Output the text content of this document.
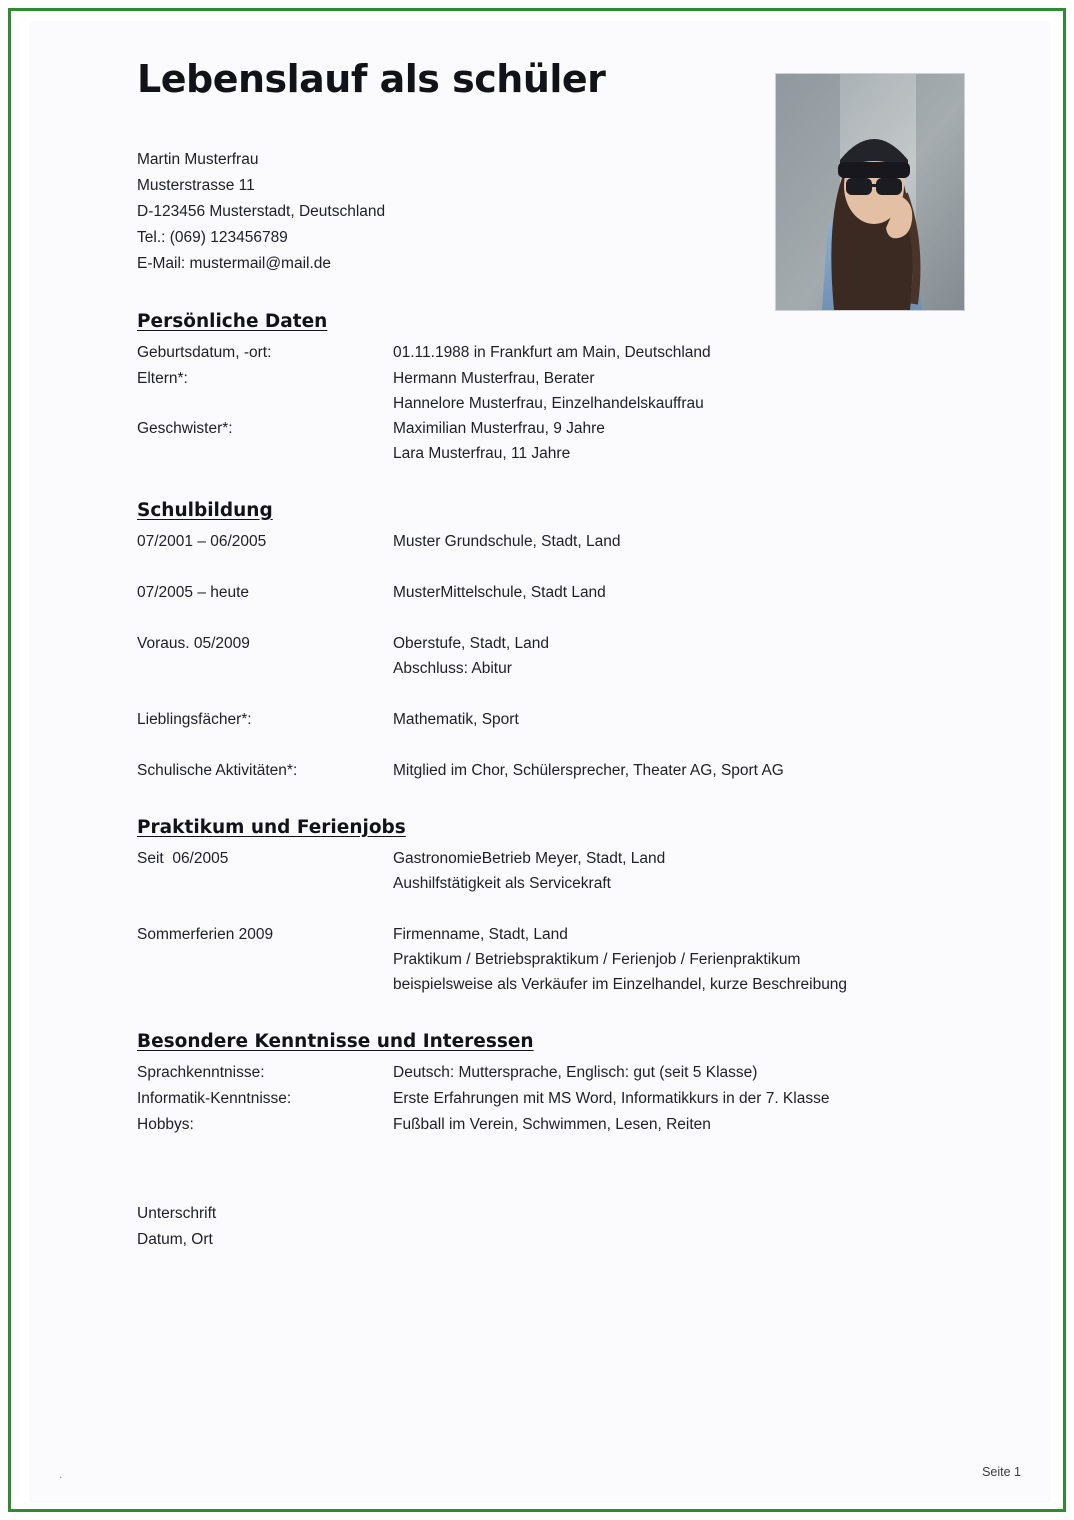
Lebenslauf als schüler
Martin Musterfrau
Musterstrasse 11
D-123456 Musterstadt, Deutschland
Tel.: (069) 123456789
E-Mail: mustermail@mail.de
Persönliche Daten
Geburtsdatum, -ort:	01.11.1988 in Frankfurt am Main, Deutschland
Eltern*:	Hermann Musterfrau, Berater
Hannelore Musterfrau, Einzelhandelskauffrau
Geschwister*:	Maximilian Musterfrau, 9 Jahre
Lara Musterfrau, 11 Jahre
Schulbildung
07/2001 – 06/2005	Muster Grundschule, Stadt, Land
07/2005 – heute	MusterMittelschule, Stadt Land
Voraus. 05/2009	Oberstufe, Stadt, Land
Abschluss: Abitur
Lieblingsfächer*:	Mathematik, Sport
Schulische Aktivitäten*:	Mitglied im Chor, Schülersprecher, Theater AG, Sport AG
Praktikum und Ferienjobs
Seit  06/2005	GastronomieBetrieb Meyer, Stadt, Land
Aushilfstätigkeit als Servicekraft
Sommerferien 2009	Firmenname, Stadt, Land
Praktikum / Betriebspraktikum / Ferienjob / Ferienpraktikum
beispielsweise als Verkäufer im Einzelhandel, kurze Beschreibung
Besondere Kenntnisse und Interessen
Sprachkenntnisse:	Deutsch: Muttersprache, Englisch: gut (seit 5 Klasse)
Informatik-Kenntnisse:	Erste Erfahrungen mit MS Word, Informatikkurs in der 7. Klasse
Hobbys:	Fußball im Verein, Schwimmen, Lesen, Reiten
Unterschrift
Datum, Ort
Seite 1
.
